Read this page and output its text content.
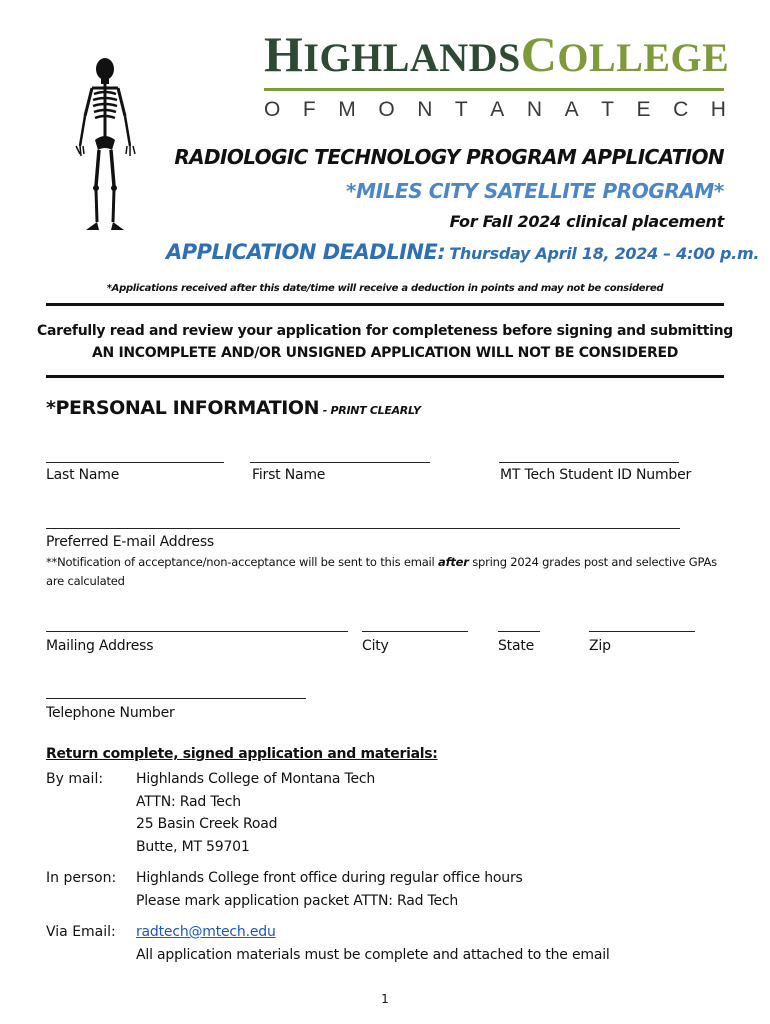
HIGHLANDSCOLLEGE
O F M O N T A N A T E C H
RADIOLOGIC TECHNOLOGY PROGRAM APPLICATION
*MILES CITY SATELLITE PROGRAM*
For Fall 2024 clinical placement
APPLICATION DEADLINE: Thursday April 18, 2024 – 4:00 p.m.
*Applications received after this date/time will receive a deduction in points and may not be considered
Carefully read and review your application for completeness before signing and submitting
AN INCOMPLETE AND/OR UNSIGNED APPLICATION WILL NOT BE CONSIDERED
*PERSONAL INFORMATION - PRINT CLEARLY
Last Name	First Name	MT Tech Student ID Number
Preferred E-mail Address
**Notification of acceptance/non-acceptance will be sent to this email after spring 2024 grades post and selective GPAs are calculated
Mailing Address	City	State	Zip
Telephone Number
Return complete, signed application and materials:
By mail: Highlands College of Montana Tech
ATTN: Rad Tech
25 Basin Creek Road
Butte, MT 59701
In person: Highlands College front office during regular office hours
Please mark application packet ATTN: Rad Tech
Via Email: radtech@mtech.edu
All application materials must be complete and attached to the email
1
